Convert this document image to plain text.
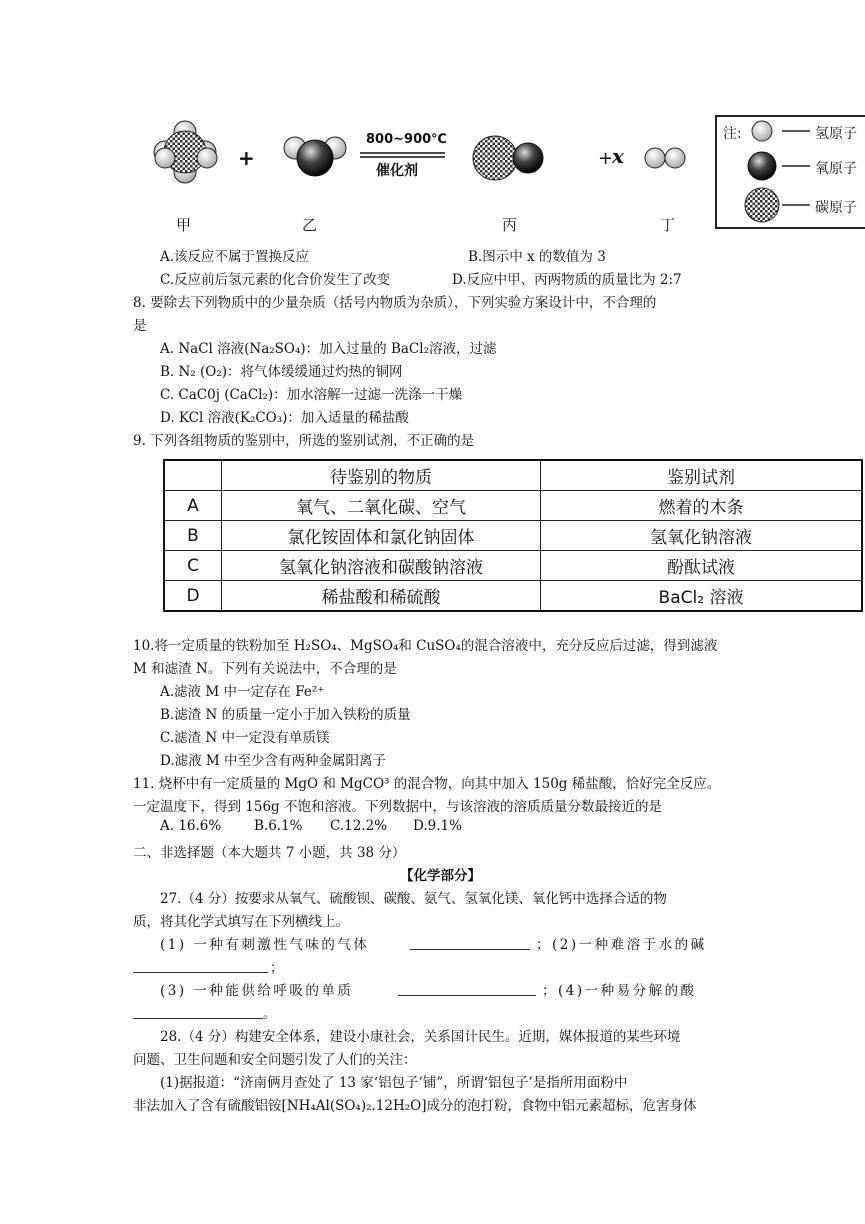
+
800~900℃
催化剂
+
x
甲	乙	丙	丁
注:	氢原子
氧原子
碳原子
A.该反应不属于置换反应	B.图示中 x 的数值为 3
C.反应前后氢元素的化合价发生了改变	D.反应中甲、丙两物质的质量比为 2:7
8. 要除去下列物质中的少量杂质（括号内物质为杂质），下列实验方案设计中，不合理的
是
A. NaCl 溶液(Na₂SO₄)：加入过量的 BaCl₂溶液，过滤
B. N₂ (O₂)：将气体缓缓通过灼热的铜网
C. CaC0j (CaCl₂)：加水溶解一过滤一洗涤一干燥
D. KCl 溶液(K₂CO₃)：加入适量的稀盐酸
9. 下列各组物质的鉴别中，所选的鉴别试剂，不正确的是
	待鉴别的物质	鉴别试剂
A	氧气、二氧化碳、空气	燃着的木条
B	氯化铵固体和氯化钠固体	氢氧化钠溶液
C	氢氧化钠溶液和碳酸钠溶液	酚酞试液
D	稀盐酸和稀硫酸	BaCl₂ 溶液
10.将一定质量的铁粉加至 H₂SO₄、MgSO₄和 CuSO₄的混合溶液中，充分反应后过滤，得到滤液
M 和滤渣 N。下列有关说法中，不合理的是
A.滤液 M 中一定存在 Fe²⁺
B.滤渣 N 的质量一定小于加入铁粉的质量
C.滤渣 N 中一定没有单质镁
D.滤液 M 中至少含有两种金属阳离子
11. 烧杯中有一定质量的 MgO 和 MgCO³ 的混合物，向其中加入 150g 稀盐酸，恰好完全反应。
一定温度下，得到 156g 不饱和溶液。下列数据中，与该溶液的溶质质量分数最接近的是
A. 16.6% B.6.1% C.12.2% D.9.1%
二、非选择题（本大题共 7 小题，共 38 分）
【化学部分】
27.（4 分）按要求从氧气、硫酸钡、碳酸、氨气、氢氧化镁、氧化钙中选择合适的物
质，将其化学式填写在下列横线上。
(1) 一种有刺激性气味的气体	；(2)一种难溶于水的碱
；
(3) 一种能供给呼吸的单质	；(4)一种易分解的酸
。
28.（4 分）构建安全体系，建设小康社会，关系国计民生。近期，媒体报道的某些环境
问题、卫生问题和安全问题引发了人们的关注：
(1)据报道：“济南俩月查处了 13 家‘铝包子’铺”，所谓‘铝包子’是指所用面粉中
非法加入了含有硫酸铝铵[NH₄Al(SO₄)₂.12H₂O]成分的泡打粉，食物中铝元素超标，危害身体
